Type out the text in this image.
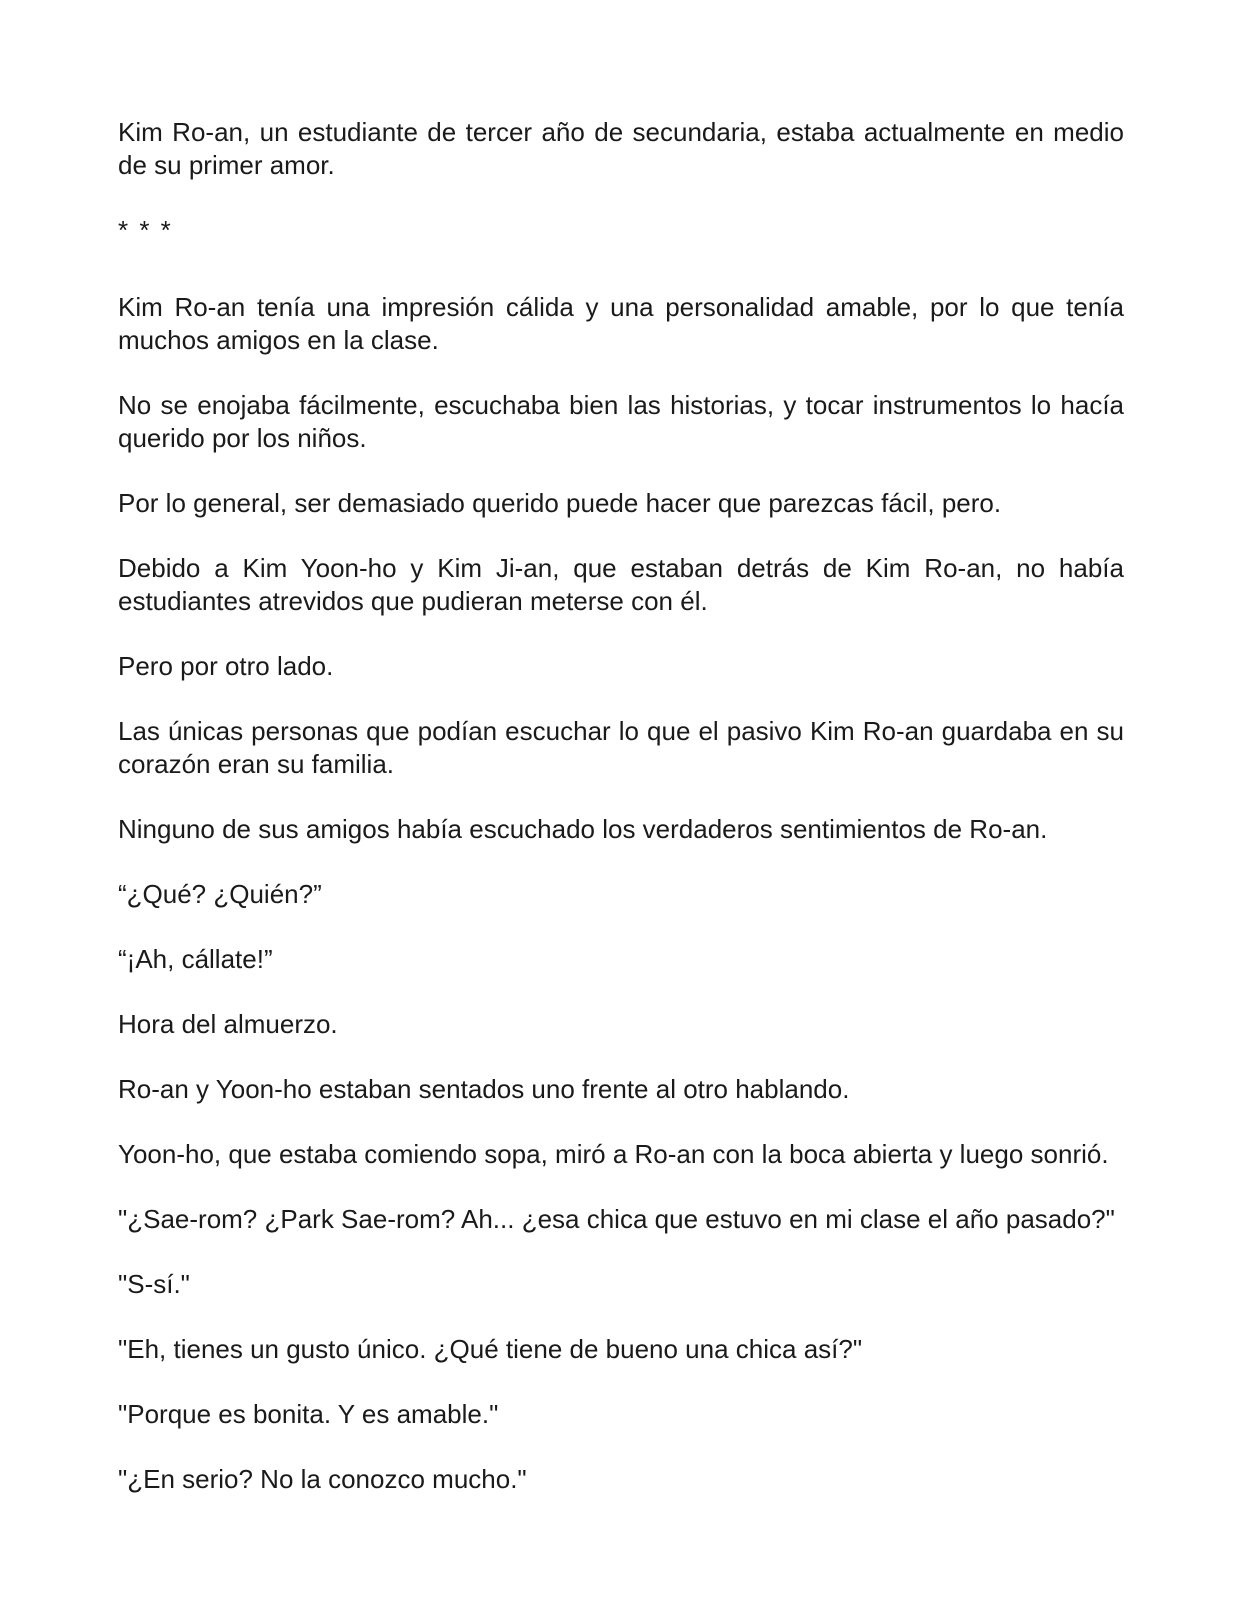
Kim Ro-an, un estudiante de tercer año de secundaria, estaba actualmente en medio de su primer amor.

* * *

Kim Ro-an tenía una impresión cálida y una personalidad amable, por lo que tenía muchos amigos en la clase.

No se enojaba fácilmente, escuchaba bien las historias, y tocar instrumentos lo hacía querido por los niños.

Por lo general, ser demasiado querido puede hacer que parezcas fácil, pero.

Debido a Kim Yoon-ho y Kim Ji-an, que estaban detrás de Kim Ro-an, no había estudiantes atrevidos que pudieran meterse con él.

Pero por otro lado.

Las únicas personas que podían escuchar lo que el pasivo Kim Ro-an guardaba en su corazón eran su familia.

Ninguno de sus amigos había escuchado los verdaderos sentimientos de Ro-an.

“¿Qué? ¿Quién?”

“¡Ah, cállate!”

Hora del almuerzo.

Ro-an y Yoon-ho estaban sentados uno frente al otro hablando.

Yoon-ho, que estaba comiendo sopa, miró a Ro-an con la boca abierta y luego sonrió.

"¿Sae-rom? ¿Park Sae-rom? Ah... ¿esa chica que estuvo en mi clase el año pasado?"

"S-sí."

"Eh, tienes un gusto único. ¿Qué tiene de bueno una chica así?"

"Porque es bonita. Y es amable."

"¿En serio? No la conozco mucho."
